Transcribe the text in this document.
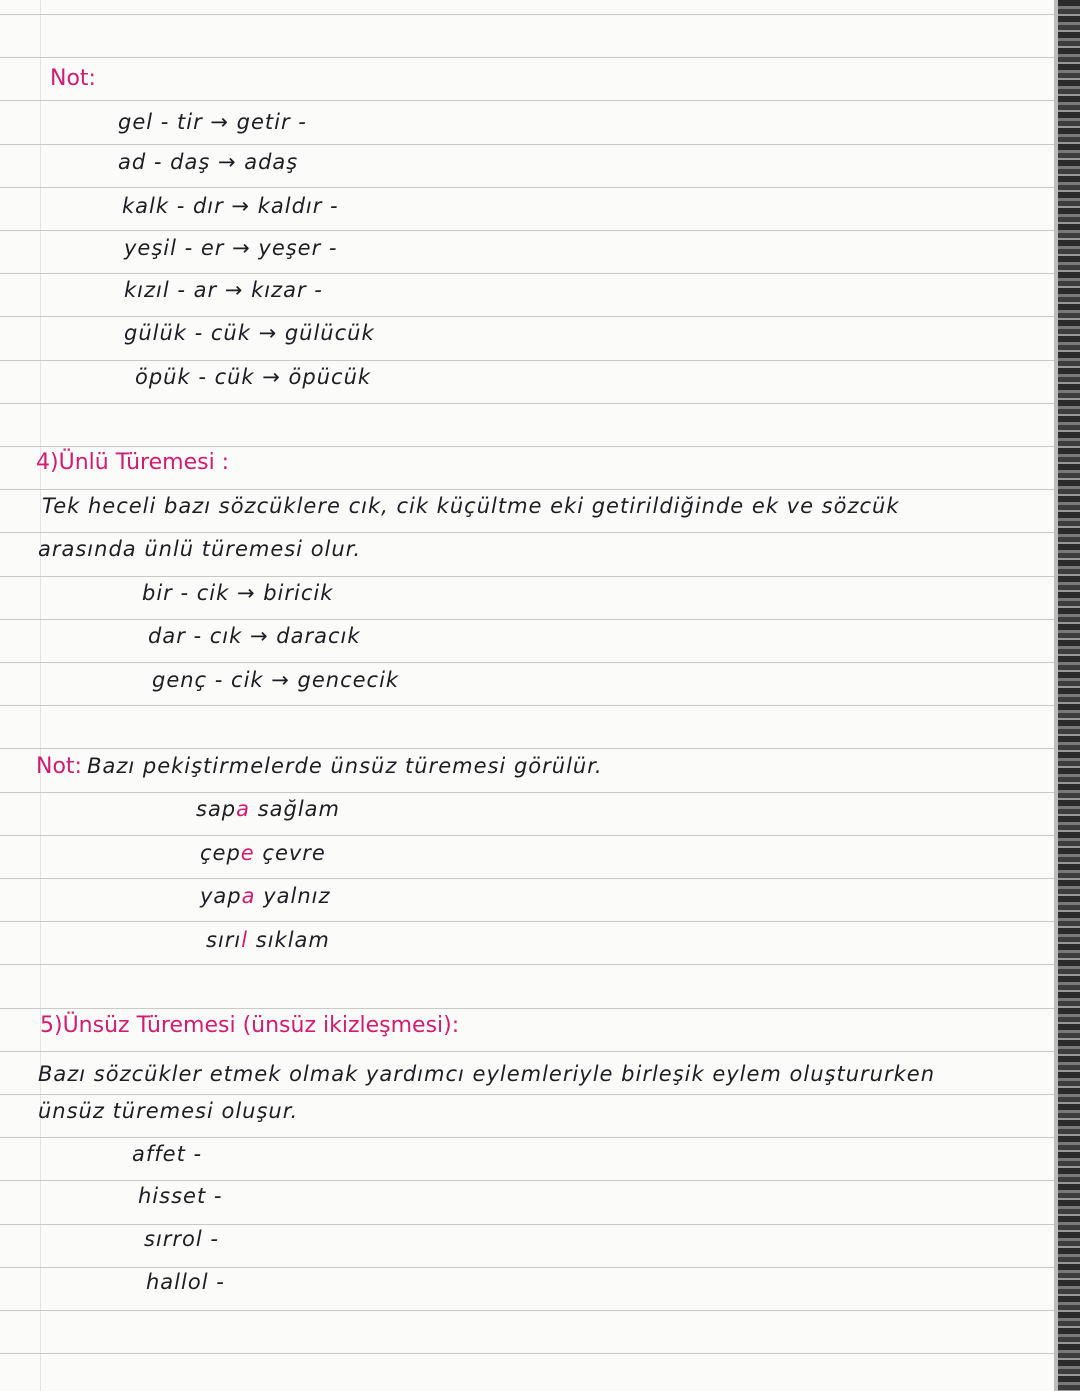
Not:
gel - tir → getir -
ad - daş → adaş
kalk - dır → kaldır -
yeşil - er → yeşer -
kızıl - ar → kızar -
gülük - cük → gülücük
öpük - cük → öpücük
4)Ünlü Türemesi :
Tek heceli bazı sözcüklere cık, cik küçültme eki getirildiğinde ek ve sözcük
arasında ünlü türemesi olur.
bir - cik → biricik
dar - cık → daracık
genç - cik → gencecik
Not: Bazı pekiştirmelerde ünsüz türemesi görülür.
sapa sağlam
çepe çevre
yapa yalnız
sırıl sıklam
5)Ünsüz Türemesi (ünsüz ikizleşmesi):
Bazı sözcükler etmek olmak yardımcı eylemleriyle birleşik eylem oluştururken
ünsüz türemesi oluşur.
affet -
hisset -
sırrol -
hallol -
